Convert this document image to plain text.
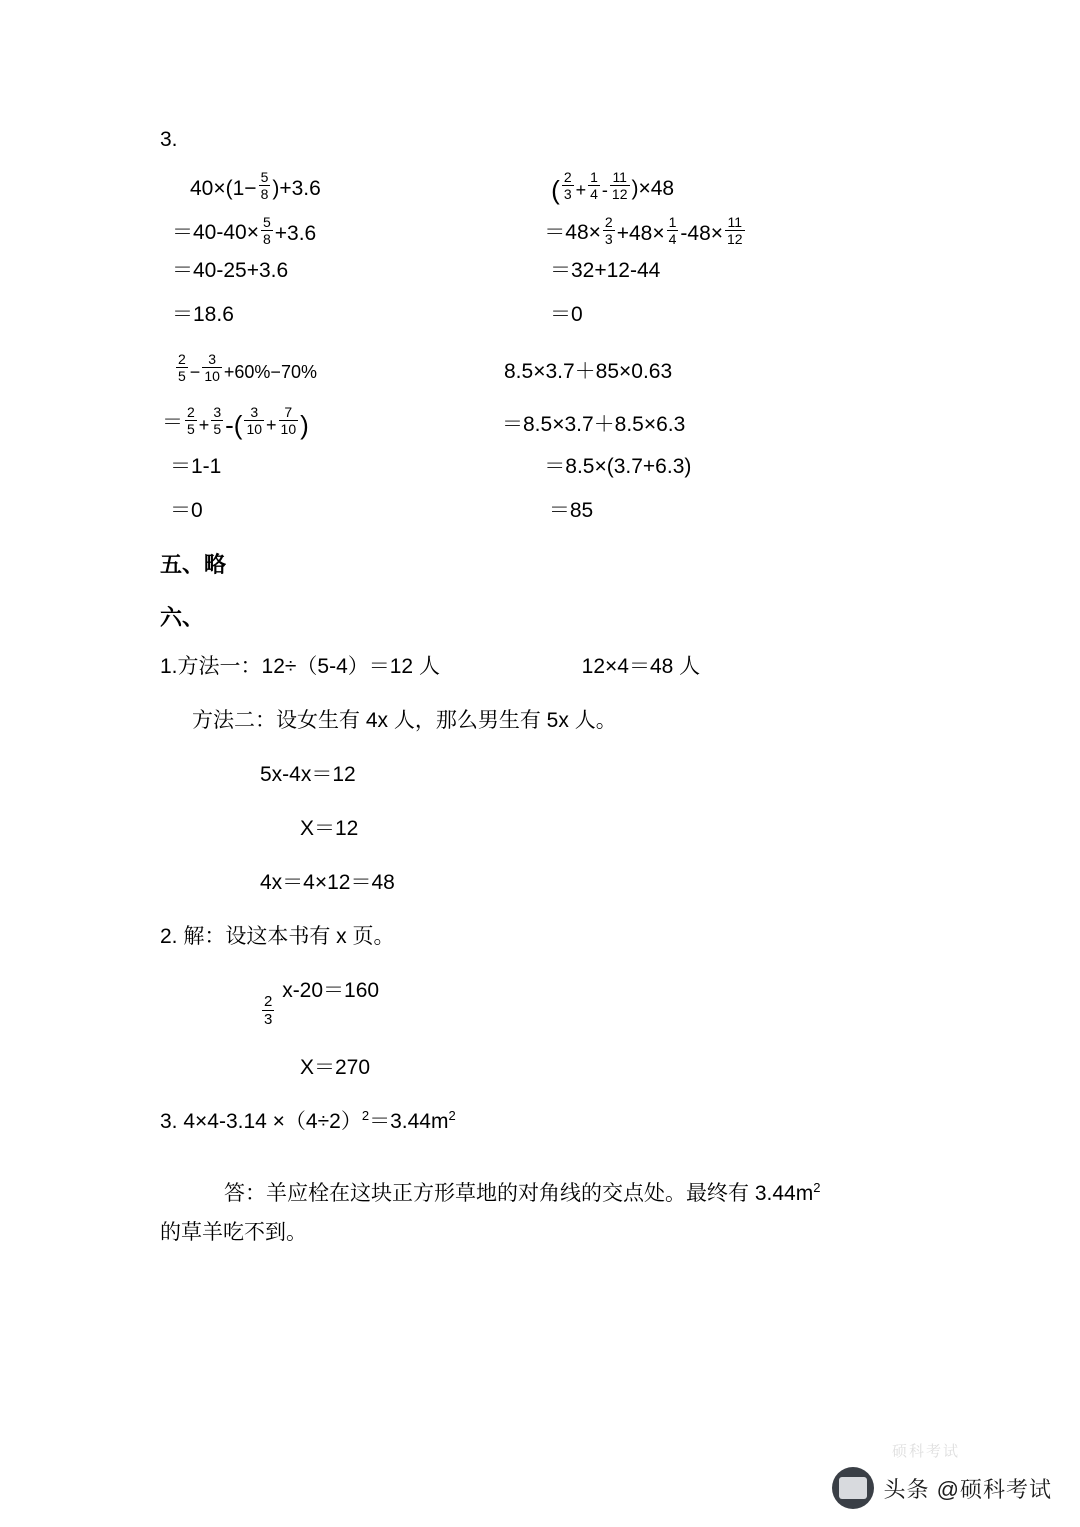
3.
$40\times(1- \frac{5}{8} )+3.6$	( $\frac{2}{3} + \frac{1}{4} - \frac{11}{12} )\times 48$
$=40-40\times \frac{5}{8} +3.6$	$=48\times \frac{2}{3} +48\times \frac{1}{4} -48\times \frac{11}{12}$
＝40-25+3.6	＝32+12-44
＝18.6	＝0
$\frac{2}{5} - \frac{3}{10} +60\%-70\%$	8.5×3.7＋85×0.63
＝ $\frac{2}{5} + \frac{3}{5}$ -( $\frac{3}{10} + \frac{7}{10}$ )	＝8.5×3.7＋8.5×6.3
＝1-1	＝8.5×(3.7+6.3)
＝0	＝85
五、略
六、
1.方法一：12÷（5-4）＝12 人	12×4＝48 人
方法二：设女生有 4x 人，那么男生有 5x 人。
5x-4x＝12
X＝12
4x＝4×12＝48
2. 解：设这本书有 x 页。
$\frac{2}{3}$
x-20＝160
X＝270
3. $4\times 4-3.14 \times(4\div 2)^2=3.44m^2$
答：羊应栓在这块正方形草地的对角线的交点处。最终有 $3.44m^2$
的草羊吃不到。
硕科考试
头条 @硕科考试
